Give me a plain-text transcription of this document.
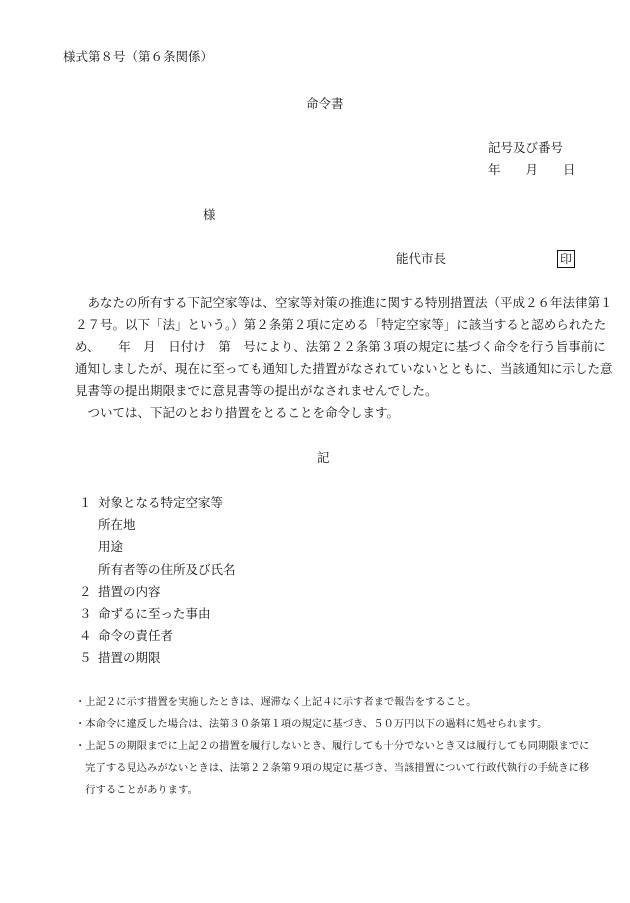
様式第８号（第６条関係）
命令書
記号及び番号
年　　月　　日
様
能代市長	印
　あなたの所有する下記空家等は、空家等対策の推進に関する特別措置法（平成２６年法律第１
２７号。以下「法」という。）第２条第２項に定める「特定空家等」に該当すると認められたた
め、　　年　月　日付け　第　号により、法第２２条第３項の規定に基づく命令を行う旨事前に
通知しましたが、現在に至っても通知した措置がなされていないとともに、当該通知に示した意
見書等の提出期限までに意見書等の提出がなされませんでした。
　ついては、下記のとおり措置をとることを命令します。
記
１ 対象となる特定空家等
所在地
用途
所有者等の住所及び氏名
２ 措置の内容
３ 命ずるに至った事由
４ 命令の責任者
５ 措置の期限
・上記２に示す措置を実施したときは、遅滞なく上記４に示す者まで報告をすること。
・本命令に違反した場合は、法第３０条第１項の規定に基づき、５０万円以下の過料に処せられます。
・上記５の期限までに上記２の措置を履行しないとき、履行しても十分でないとき又は履行しても同期限までに
　完了する見込みがないときは、法第２２条第９項の規定に基づき、当該措置について行政代執行の手続きに移
　行することがあります。
